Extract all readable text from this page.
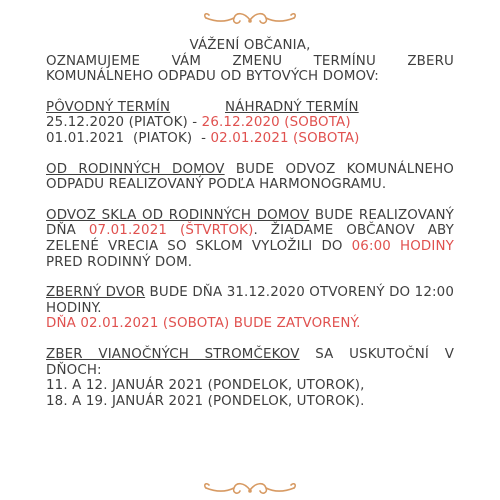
VÁŽENÍ OBČANIA,

OZNAMUJEME VÁM ZMENU TERMÍNU ZBERU KOMUNÁLNEHO ODPADU OD BYTOVÝCH DOMOV:

PÔVODNÝ TERMÍN	NÁHRADNÝ TERMÍN
25.12.2020 (PIATOK) - 26.12.2020 (SOBOTA)
01.01.2021  (PIATOK)  - 02.01.2021 (SOBOTA)

OD RODINNÝCH DOMOV BUDE ODVOZ KOMUNÁLNEHO ODPADU REALIZOVANÝ PODĽA HARMONOGRAMU.

ODVOZ SKLA OD RODINNÝCH DOMOV BUDE REALIZOVANÝ DŇA 07.01.2021 (ŠTVRTOK). ŽIADAME OBČANOV ABY ZELENÉ VRECIA SO SKLOM VYLOŽILI DO 06:00 HODINY PRED RODINNÝ DOM.

ZBERNÝ DVOR BUDE DŇA 31.12.2020 OTVORENÝ DO 12:00 HODINY.

DŇA 02.01.2021 (SOBOTA) BUDE ZATVORENÝ.

ZBER VIANOČNÝCH STROMČEKOV SA USKUTOČNÍ V DŇOCH:

11. A 12. JANUÁR 2021 (PONDELOK, UTOROK),
18. A 19. JANUÁR 2021 (PONDELOK, UTOROK).
